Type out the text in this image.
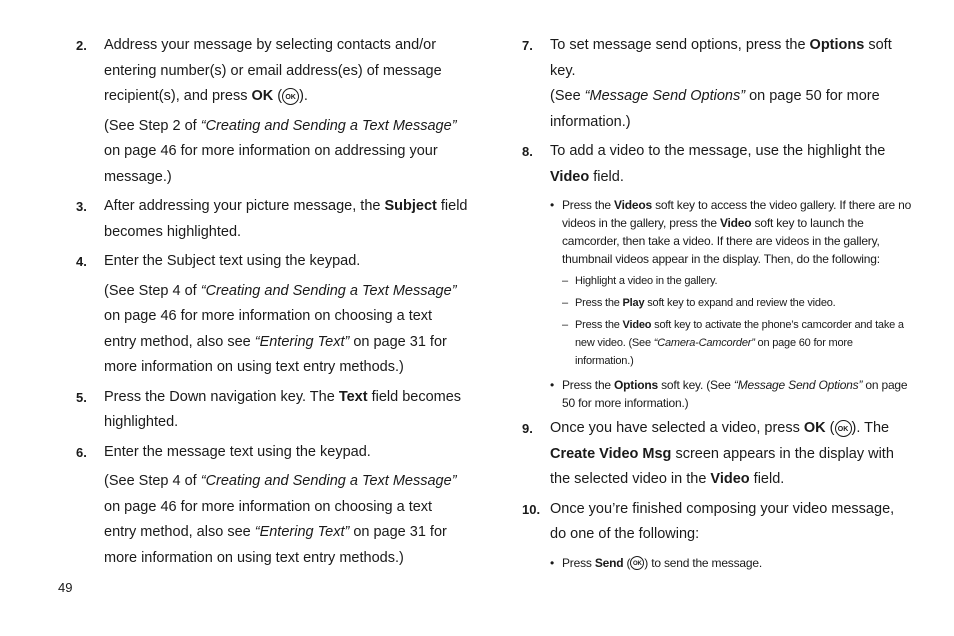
2. Address your message by selecting contacts and/or entering number(s) or email address(es) of message recipient(s), and press OK ( OK ).
(See Step 2 of “Creating and Sending a Text Message” on page 46 for more information on addressing your message.)
3. After addressing your picture message, the Subject field becomes highlighted.
4. Enter the Subject text using the keypad.
(See Step 4 of “Creating and Sending a Text Message” on page 46 for more information on choosing a text entry method, also see “Entering Text” on page 31 for more information on using text entry methods.)
5. Press the Down navigation key. The Text field becomes highlighted.
6. Enter the message text using the keypad.
(See Step 4 of “Creating and Sending a Text Message” on page 46 for more information on choosing a text entry method, also see “Entering Text” on page 31 for more information on using text entry methods.)
7. To set message send options, press the Options soft key.
(See “Message Send Options” on page 50 for more information.)
8. To add a video to the message, use the highlight the Video field.
• Press the Videos soft key to access the video gallery. If there are no videos in the gallery, press the Video soft key to launch the camcorder, then take a video. If there are videos in the gallery, thumbnail videos appear in the display. Then, do the following:
– Highlight a video in the gallery.
– Press the Play soft key to expand and review the video.
– Press the Video soft key to activate the phone’s camcorder and take a new video. (See “Camera-Camcorder” on page 60 for more information.)
• Press the Options soft key. (See “Message Send Options” on page 50 for more information.)
9. Once you have selected a video, press OK ( OK ). The Create Video Msg screen appears in the display with the selected video in the Video field.
10. Once you’re finished composing your video message, do one of the following:
• Press Send ( OK ) to send the message.
49
